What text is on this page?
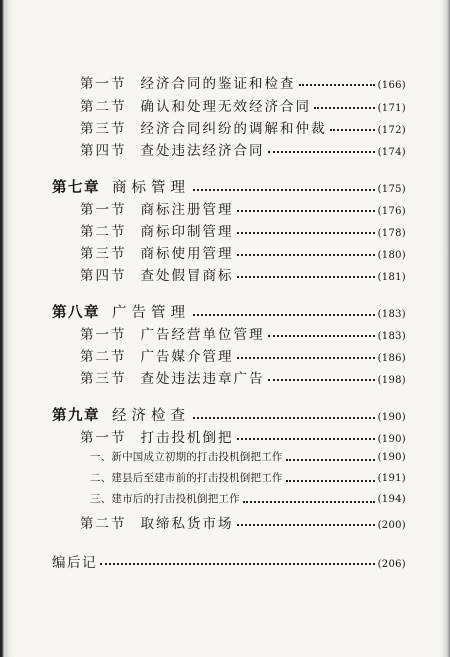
第一节 经济合同的鉴证和检查	(166)
第二节 确认和处理无效经济合同	(171)
第三节 经济合同纠纷的调解和仲裁	(172)
第四节 查处违法经济合同	(174)
第七章 商标管理	(175)
第一节 商标注册管理	(176)
第二节 商标印制管理	(178)
第三节 商标使用管理	(180)
第四节 查处假冒商标	(181)
第八章 广告管理	(183)
第一节 广告经营单位管理	(183)
第二节 广告媒介管理	(186)
第三节 查处违法违章广告	(198)
第九章 经济检查	(190)
第一节 打击投机倒把	(190)
一、新中国成立初期的打击投机倒把工作	(190)
二、建县后至建市前的打击投机倒把工作	(191)
三、建市后的打击投机倒把工作	(194)
第二节 取缔私货市场	(200)
编后记	(206)
